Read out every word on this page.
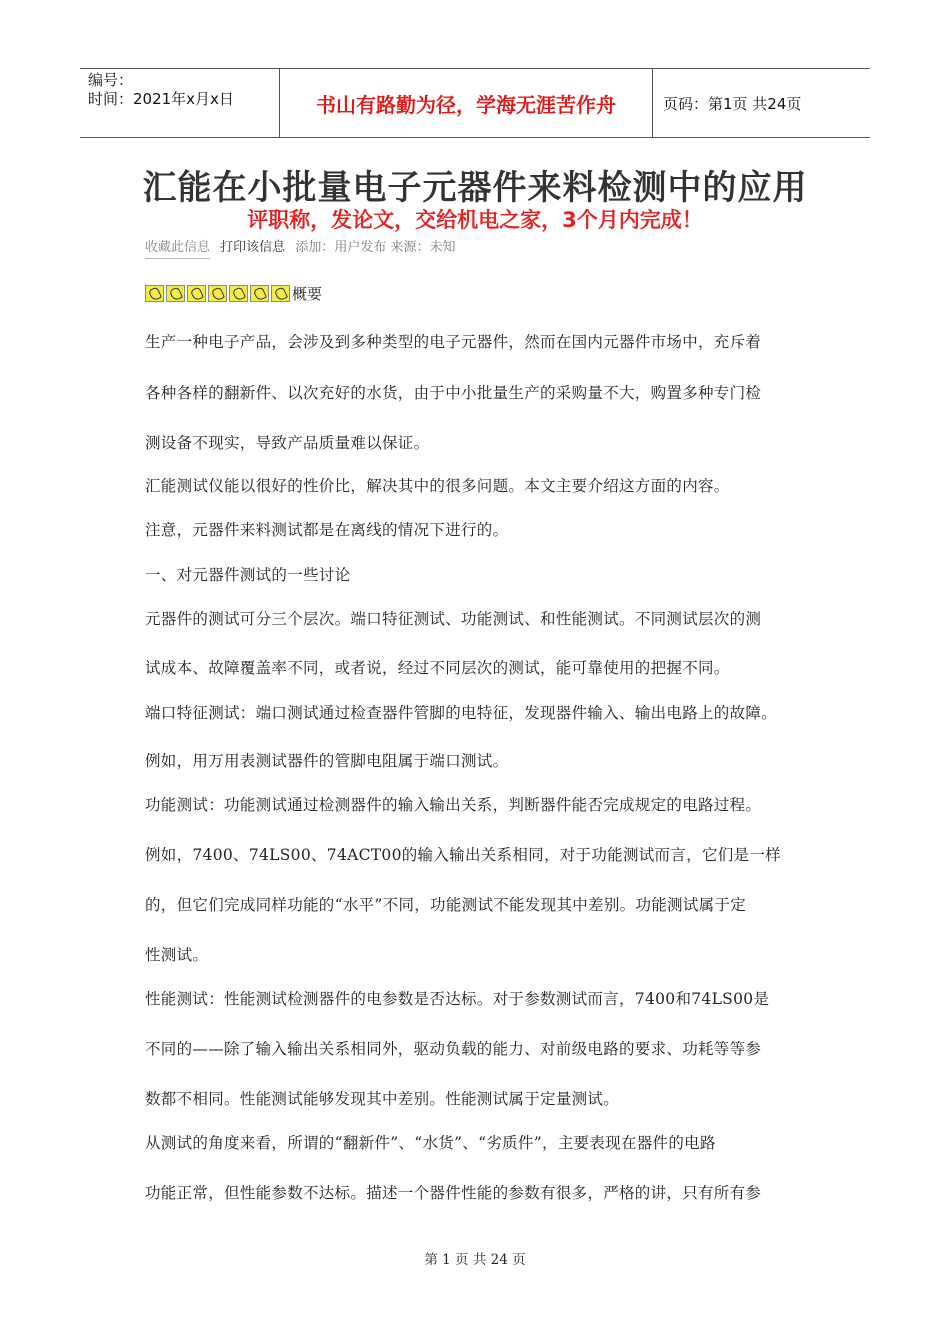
编号：
时间：2021年x月x日	书山有路勤为径，学海无涯苦作舟	页码：第1页 共24页
汇能在小批量电子元器件来料检测中的应用
评职称，发论文，交给机电之家，3个月内完成！
收藏此信息 打印该信息 添加：用户发布 来源：未知
概要

生产一种电子产品，会涉及到多种类型的电子元器件，然而在国内元器件市场中，充斥着

各种各样的翻新件、以次充好的水货，由于中小批量生产的采购量不大，购置多种专门检

测设备不现实，导致产品质量难以保证。

汇能测试仪能以很好的性价比，解决其中的很多问题。本文主要介绍这方面的内容。

注意，元器件来料测试都是在离线的情况下进行的。

一、对元器件测试的一些讨论

元器件的测试可分三个层次。端口特征测试、功能测试、和性能测试。不同测试层次的测

试成本、故障覆盖率不同，或者说，经过不同层次的测试，能可靠使用的把握不同。

端口特征测试：端口测试通过检查器件管脚的电特征，发现器件输入、输出电路上的故障。

例如，用万用表测试器件的管脚电阻属于端口测试。

功能测试：功能测试通过检测器件的输入输出关系，判断器件能否完成规定的电路过程。

例如，7400、74LS00、74ACT00的输入输出关系相同，对于功能测试而言，它们是一样

的，但它们完成同样功能的“水平”不同，功能测试不能发现其中差别。功能测试属于定

性测试。

性能测试：性能测试检测器件的电参数是否达标。对于参数测试而言，7400和74LS00是

不同的——除了输入输出关系相同外，驱动负载的能力、对前级电路的要求、功耗等等参

数都不相同。性能测试能够发现其中差别。性能测试属于定量测试。

从测试的角度来看，所谓的“翻新件”、“水货”、“劣质件”，主要表现在器件的电路

功能正常，但性能参数不达标。描述一个器件性能的参数有很多，严格的讲，只有所有参

第 1 页 共 24 页
